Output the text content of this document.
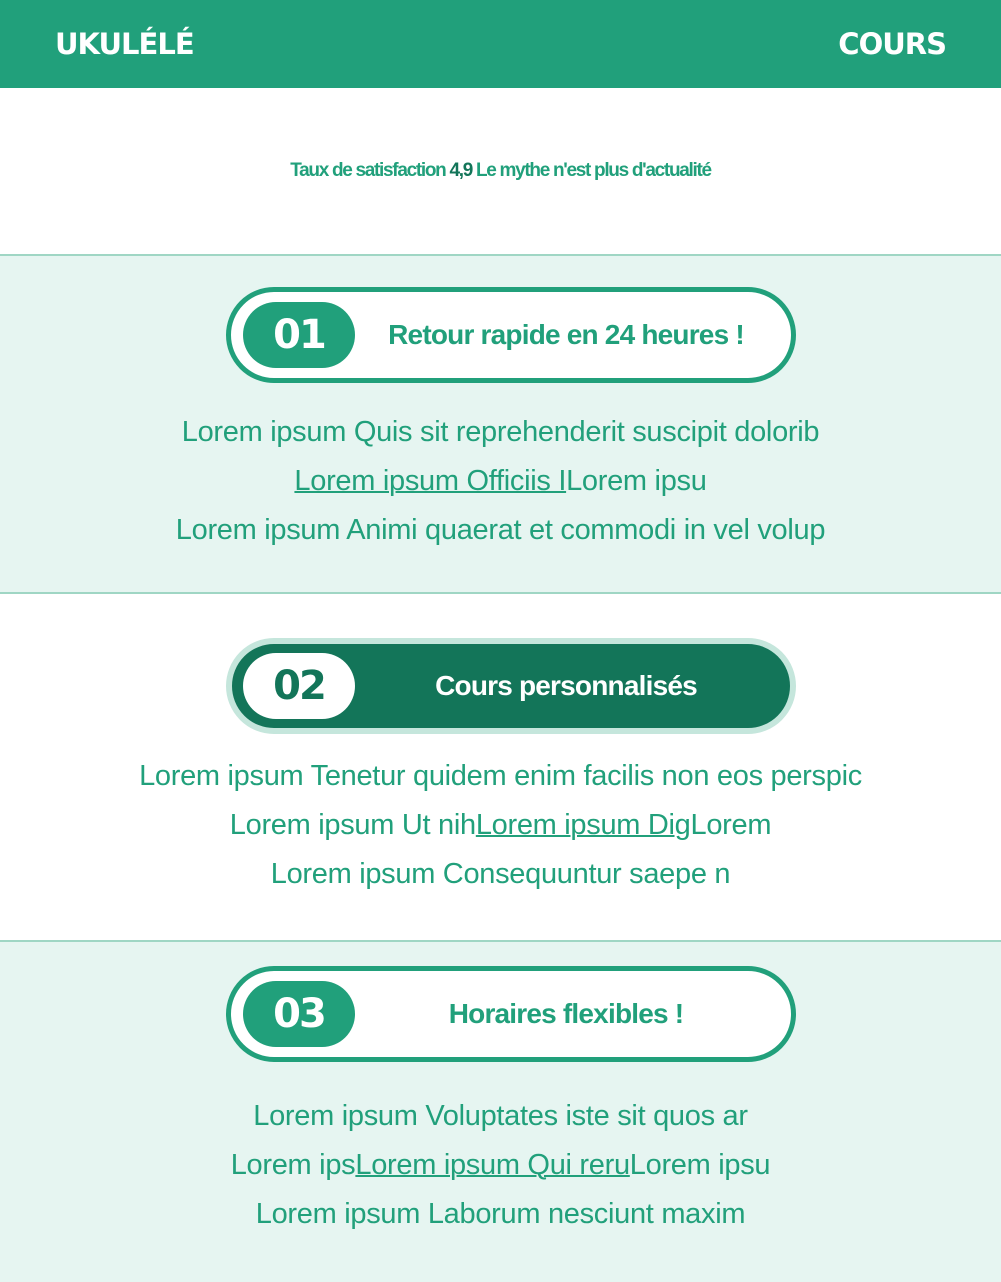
UKULÉLÉ	COURS
Taux de satisfaction 4,9 Le mythe n'est plus d'actualité
01	Retour rapide en 24 heures !
Lorem ipsum Quis sit reprehenderit suscipit dolorib
Lorem ipsum Officiis ILorem ipsu
Lorem ipsum Animi quaerat et commodi in vel volup
02	Cours personnalisés
Lorem ipsum Tenetur quidem enim facilis non eos perspic
Lorem ipsum Ut nihLorem ipsum DigLorem
Lorem ipsum Consequuntur saepe n
03	Horaires flexibles !
Lorem ipsum Voluptates iste sit quos ar
Lorem ipsLorem ipsum Qui reruLorem ipsu
Lorem ipsum Laborum nesciunt maxim
